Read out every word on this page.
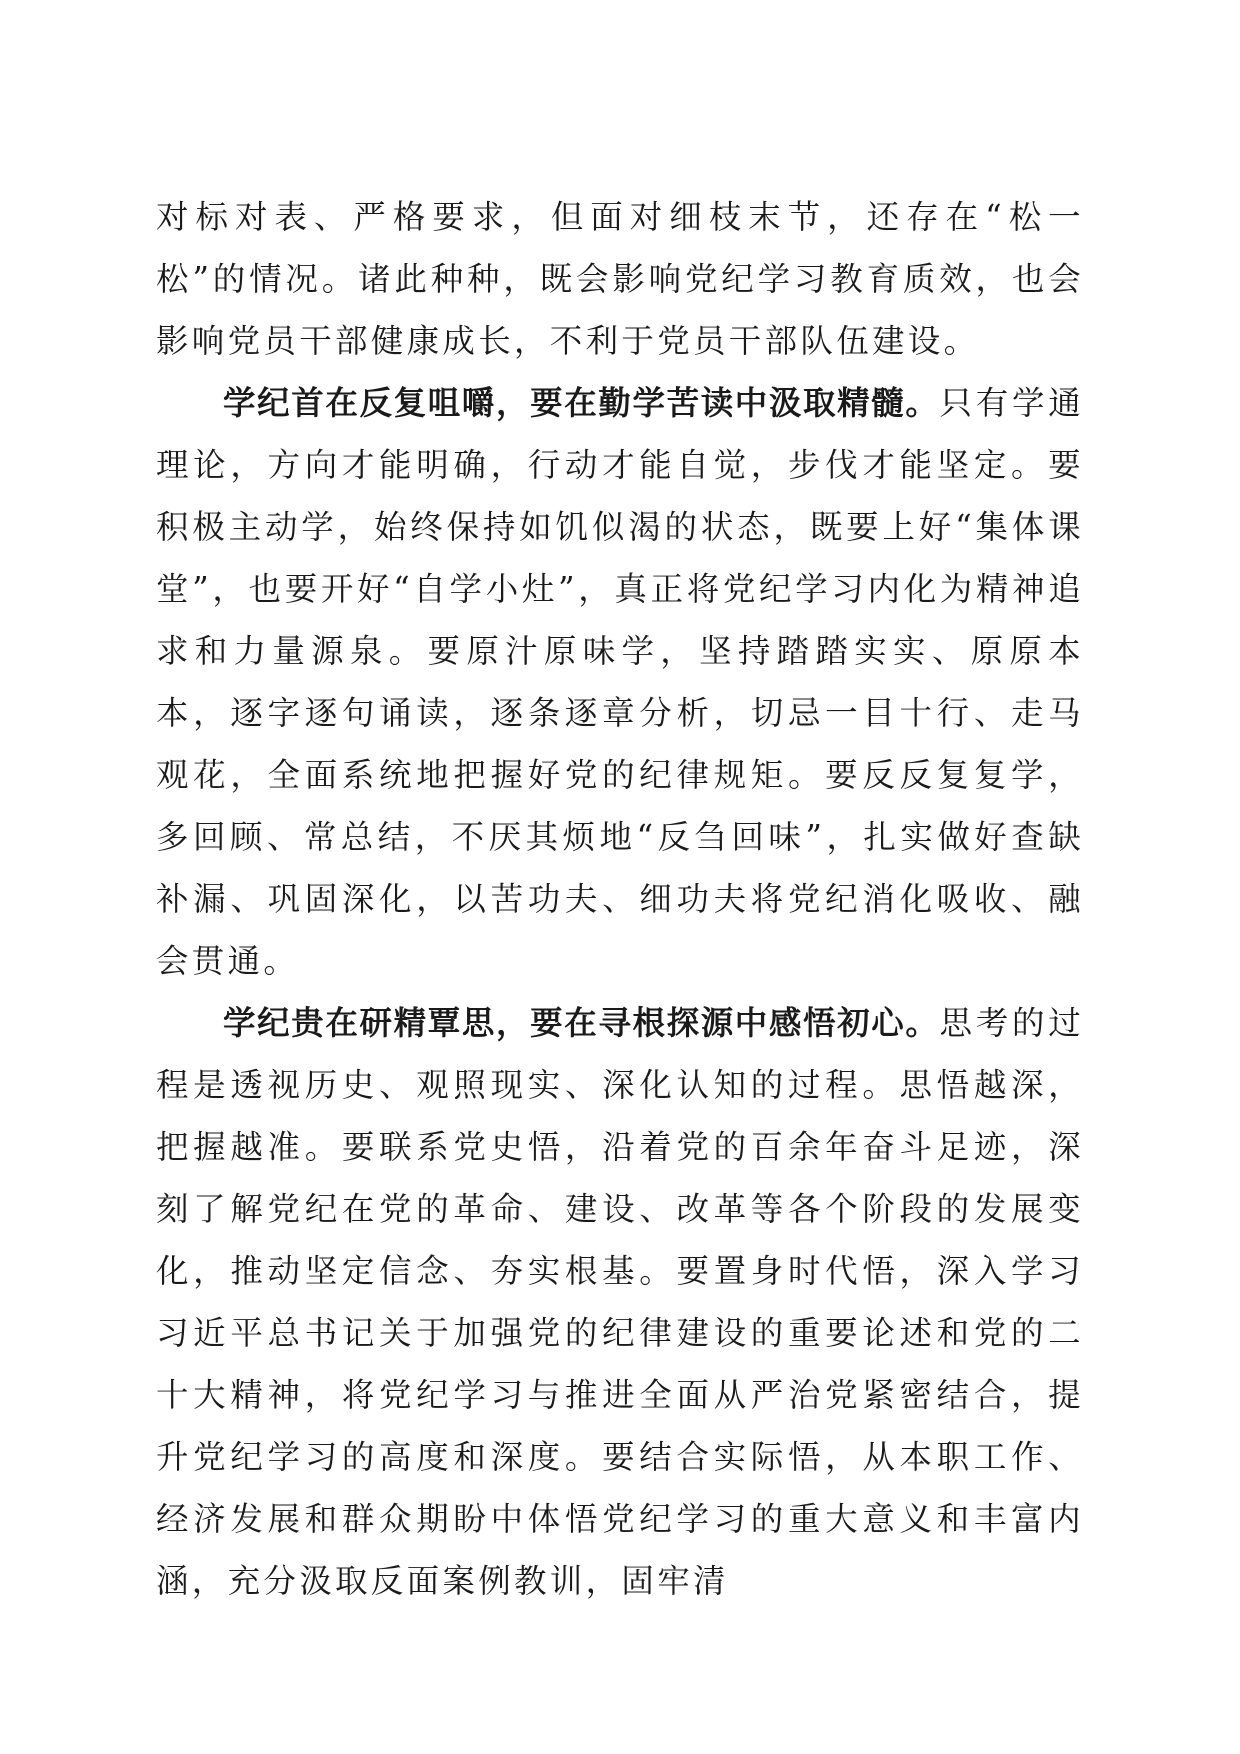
对标对表、严格要求，但面对细枝末节，还存在“松一松”的情况。诸此种种，既会影响党纪学习教育质效，也会影响党员干部健康成长，不利于党员干部队伍建设。

学纪首在反复咀嚼，要在勤学苦读中汲取精髓。只有学通理论，方向才能明确，行动才能自觉，步伐才能坚定。要积极主动学，始终保持如饥似渴的状态，既要上好“集体课堂”，也要开好“自学小灶”，真正将党纪学习内化为精神追求和力量源泉。要原汁原味学，坚持踏踏实实、原原本本，逐字逐句诵读，逐条逐章分析，切忌一目十行、走马观花，全面系统地把握好党的纪律规矩。要反反复复学，多回顾、常总结，不厌其烦地“反刍回味”，扎实做好查缺补漏、巩固深化，以苦功夫、细功夫将党纪消化吸收、融会贯通。

学纪贵在研精覃思，要在寻根探源中感悟初心。思考的过程是透视历史、观照现实、深化认知的过程。思悟越深，把握越准。要联系党史悟，沿着党的百余年奋斗足迹，深刻了解党纪在党的革命、建设、改革等各个阶段的发展变化，推动坚定信念、夯实根基。要置身时代悟，深入学习习近平总书记关于加强党的纪律建设的重要论述和党的二十大精神，将党纪学习与推进全面从严治党紧密结合，提升党纪学习的高度和深度。要结合实际悟，从本职工作、经济发展和群众期盼中体悟党纪学习的重大意义和丰富内涵，充分汲取反面案例教训，固牢清
